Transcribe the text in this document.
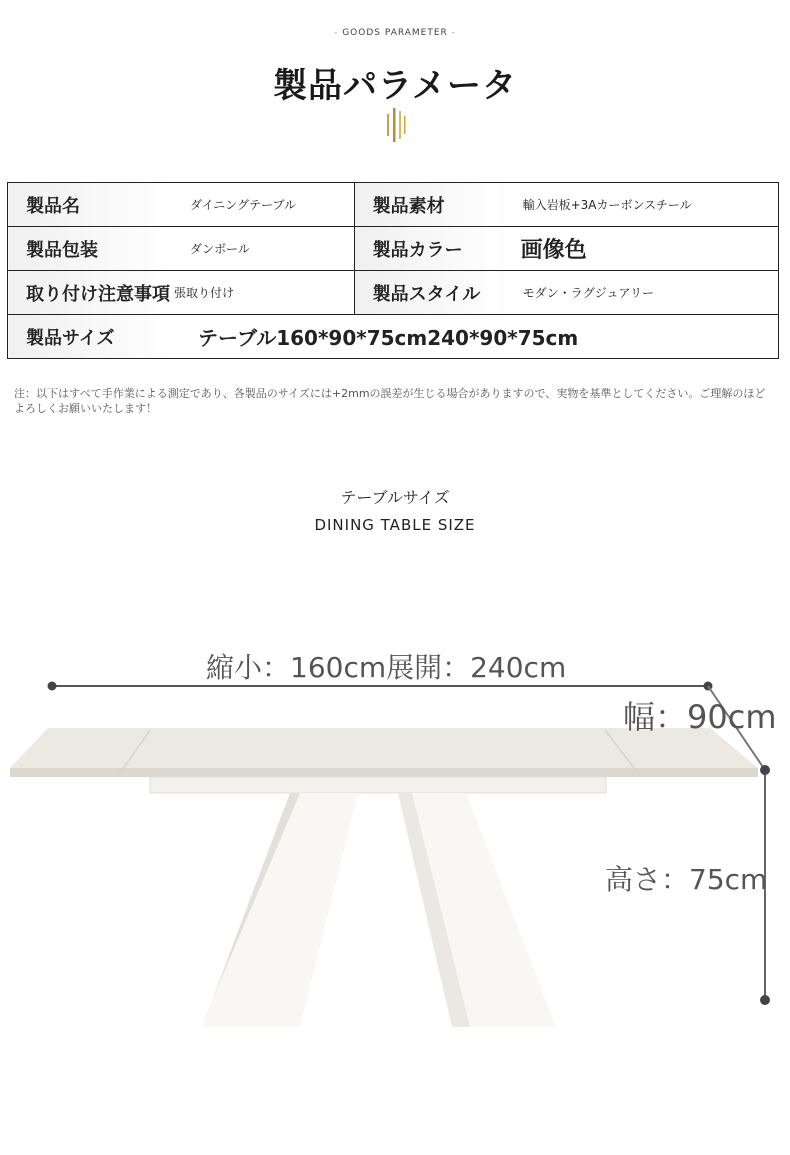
- GOODS PARAMETER -
製品パラメータ
製品名	ダイニングテーブル	製品素材	輸入岩板+3Aカーボンスチール
製品包装	ダンボール	製品カラー	画像色
取り付け注意事項	張取り付け	製品スタイル	モダン・ラグジュアリー
製品サイズ	テーブル160*90*75cm240*90*75cm		
注：以下はすべて手作業による測定であり、各製品のサイズには+2mmの誤差が生じる場合がありますので、実物を基準としてください。ご理解のほどよろしくお願いいたします！
テーブルサイズ
DINING TABLE SIZE
縮小：160cm展開：240cm
幅：90cm
高さ：75cm
